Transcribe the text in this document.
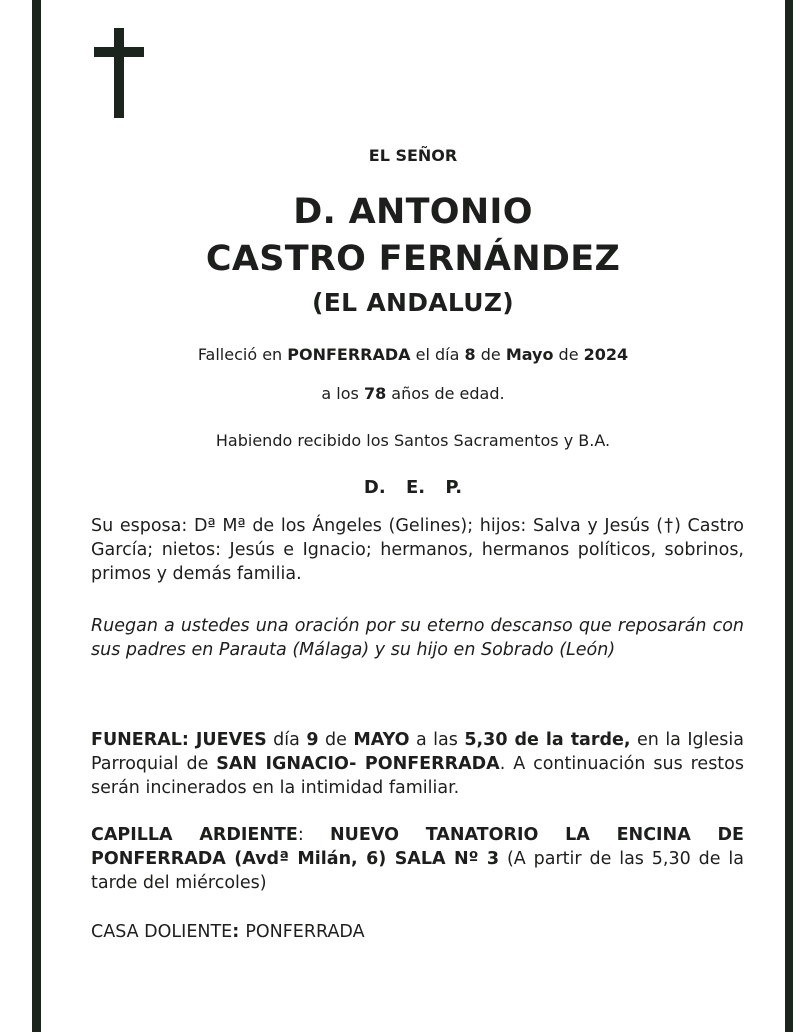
EL SEÑOR
D. ANTONIO
CASTRO FERNÁNDEZ
(EL ANDALUZ)
Falleció en PONFERRADA el día 8 de Mayo de 2024
a los 78 años de edad.
Habiendo recibido los Santos Sacramentos y B.A.
D. E. P.
Su esposa: Dª Mª de los Ángeles (Gelines); hijos: Salva y Jesús (†) Castro García; nietos: Jesús e Ignacio; hermanos, hermanos políticos, sobrinos, primos y demás familia.
Ruegan a ustedes una oración por su eterno descanso que reposarán con sus padres en Parauta (Málaga) y su hijo en Sobrado (León)
FUNERAL: JUEVES día 9 de MAYO a las 5,30 de la tarde, en la Iglesia Parroquial de SAN IGNACIO- PONFERRADA. A continuación sus restos serán incinerados en la intimidad familiar.
CAPILLA ARDIENTE: NUEVO TANATORIO LA ENCINA DE PONFERRADA (Avdª Milán, 6) SALA Nº 3 (A partir de las 5,30 de la tarde del miércoles)
CASA DOLIENTE: PONFERRADA
